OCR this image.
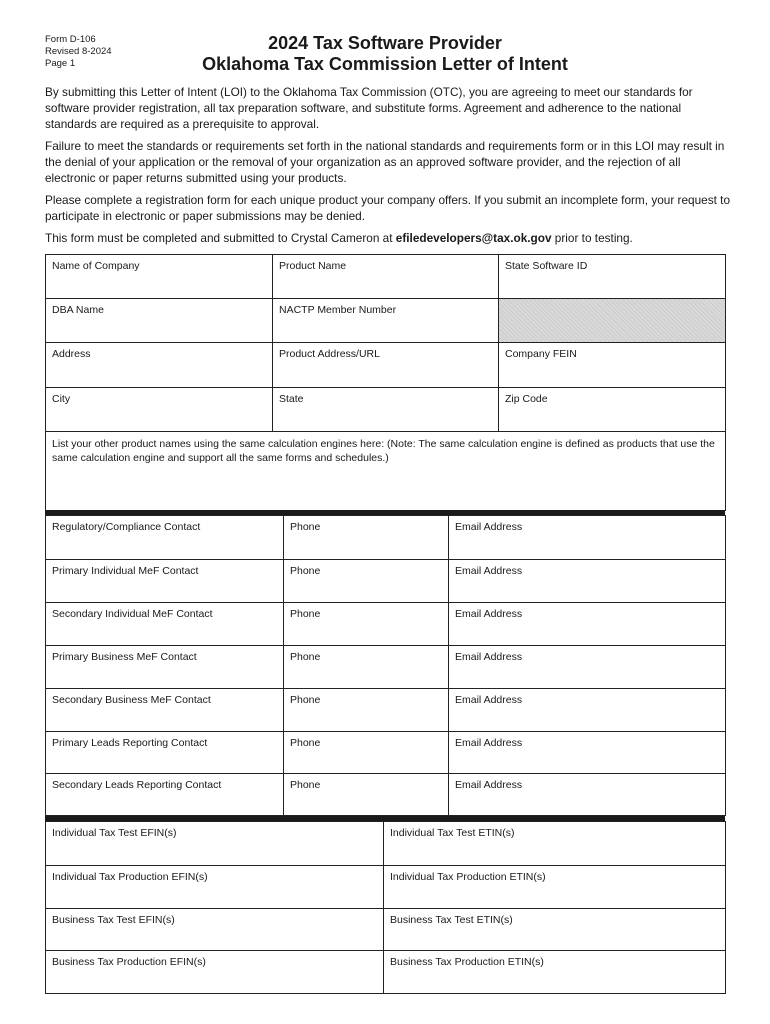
Form D-106
Revised 8-2024
Page 1
2024 Tax Software Provider
Oklahoma Tax Commission Letter of Intent

By submitting this Letter of Intent (LOI) to the Oklahoma Tax Commission (OTC), you are agreeing to meet our standards for software provider registration, all tax preparation software, and substitute forms. Agreement and adherence to the national standards are required as a prerequisite to approval.

Failure to meet the standards or requirements set forth in the national standards and requirements form or in this LOI may result in the denial of your application or the removal of your organization as an approved software provider, and the rejection of all electronic or paper returns submitted using your products.

Please complete a registration form for each unique product your company offers. If you submit an incomplete form, your request to participate in electronic or paper submissions may be denied.

This form must be completed and submitted to Crystal Cameron at efiledevelopers@tax.ok.gov prior to testing.

Name of Company	Product Name	State Software ID
DBA Name	NACTP Member Number	
Address	Product Address/URL	Company FEIN
City	State	Zip Code
List your other product names using the same calculation engines here: (Note: The same calculation engine is defined as products that use the same calculation engine and support all the same forms and schedules.)		
Regulatory/Compliance Contact	Phone	Email Address
Primary Individual MeF Contact	Phone	Email Address
Secondary Individual MeF Contact	Phone	Email Address
Primary Business MeF Contact	Phone	Email Address
Secondary Business MeF Contact	Phone	Email Address
Primary Leads Reporting Contact	Phone	Email Address
Secondary Leads Reporting Contact	Phone	Email Address
Individual Tax Test EFIN(s)	Individual Tax Test ETIN(s)
Individual Tax Production EFIN(s)	Individual Tax Production ETIN(s)
Business Tax Test EFIN(s)	Business Tax Test ETIN(s)
Business Tax Production EFIN(s)	Business Tax Production ETIN(s)
